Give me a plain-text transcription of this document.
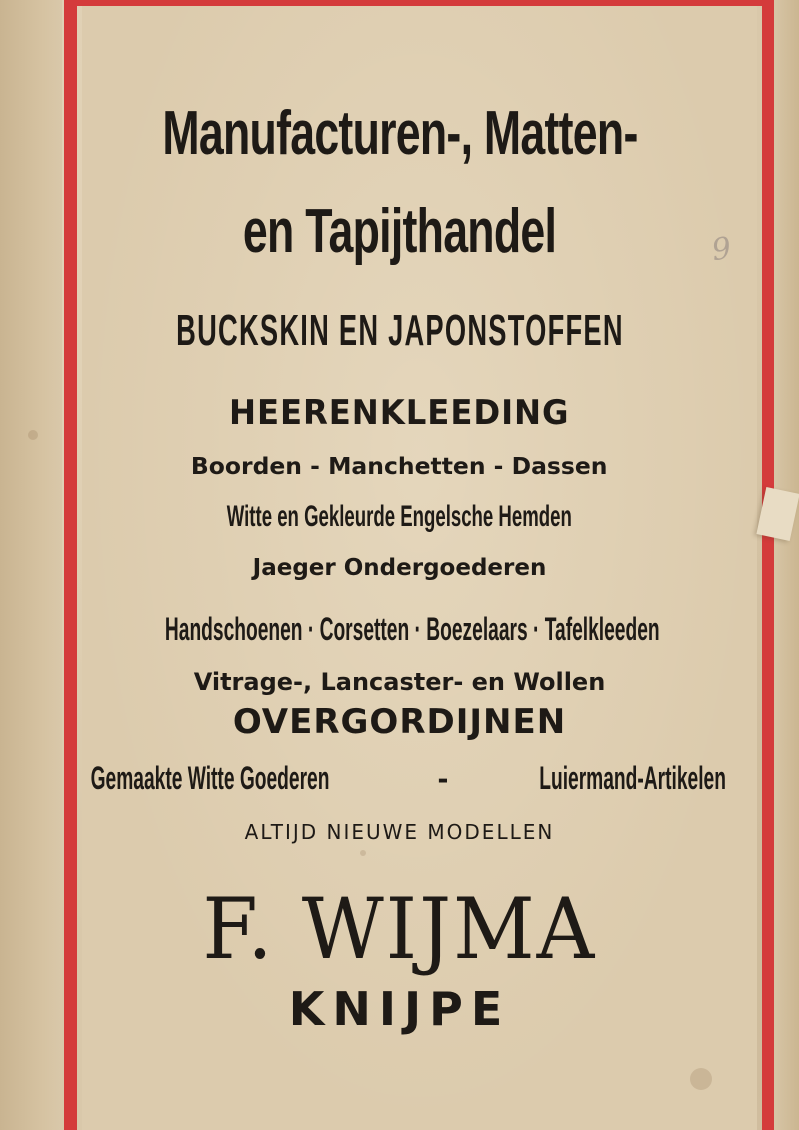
9
Manufacturen-, Matten-
en Tapijthandel
BUCKSKIN EN JAPONSTOFFEN
HEERENKLEEDING
Boorden - Manchetten - Dassen
Witte en Gekleurde Engelsche Hemden
Jaeger Ondergoederen
Handschoenen · Corsetten · Boezelaars · Tafelkleeden
Vitrage-, Lancaster- en Wollen
OVERGORDIJNEN
Gemaakte Witte Goederen	-	Luiermand-Artikelen
ALTIJD NIEUWE MODELLEN
F. WIJMA
KNIJPE
